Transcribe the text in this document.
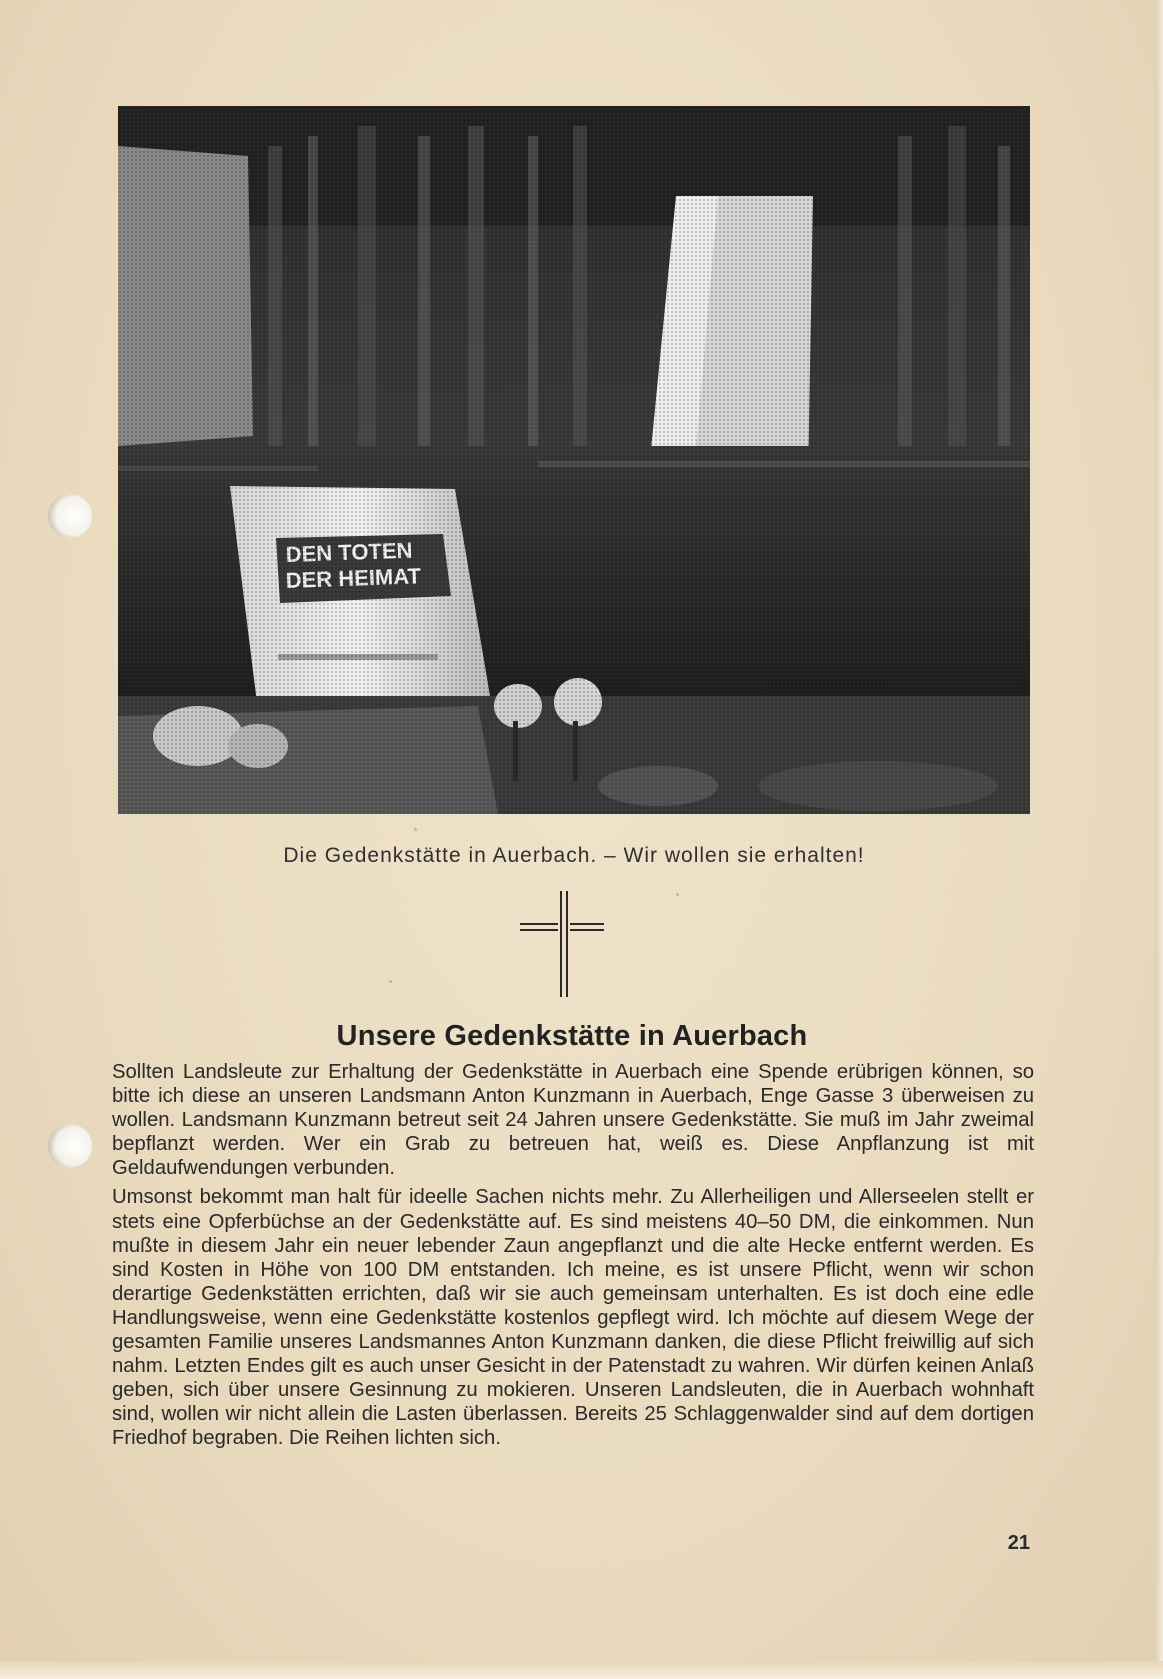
Die Gedenkstätte in Auerbach. – Wir wollen sie erhalten!
Unsere Gedenkstätte in Auerbach

Sollten Landsleute zur Erhaltung der Gedenkstätte in Auerbach eine Spende erübrigen können, so bitte ich diese an unseren Landsmann Anton Kunzmann in Auerbach, Enge Gasse 3 überweisen zu wollen. Landsmann Kunzmann betreut seit 24 Jahren unsere Gedenkstätte. Sie muß im Jahr zweimal bepflanzt werden. Wer ein Grab zu betreuen hat, weiß es. Diese Anpflanzung ist mit Geldaufwendungen verbunden.

Umsonst bekommt man halt für ideelle Sachen nichts mehr. Zu Allerheiligen und Allerseelen stellt er stets eine Opferbüchse an der Gedenkstätte auf. Es sind meistens 40–50 DM, die einkommen. Nun mußte in diesem Jahr ein neuer lebender Zaun angepflanzt und die alte Hecke entfernt werden. Es sind Kosten in Höhe von 100 DM entstanden. Ich meine, es ist unsere Pflicht, wenn wir schon derartige Gedenkstätten errichten, daß wir sie auch gemeinsam unterhalten. Es ist doch eine edle Handlungsweise, wenn eine Gedenkstätte kostenlos gepflegt wird. Ich möchte auf diesem Wege der gesamten Familie unseres Landsmannes Anton Kunzmann danken, die diese Pflicht freiwillig auf sich nahm. Letzten Endes gilt es auch unser Gesicht in der Patenstadt zu wahren. Wir dürfen keinen Anlaß geben, sich über unsere Gesinnung zu mokieren. Unseren Landsleuten, die in Auerbach wohnhaft sind, wollen wir nicht allein die Lasten überlassen. Bereits 25 Schlaggenwalder sind auf dem dortigen Friedhof begraben. Die Reihen lichten sich.

21
